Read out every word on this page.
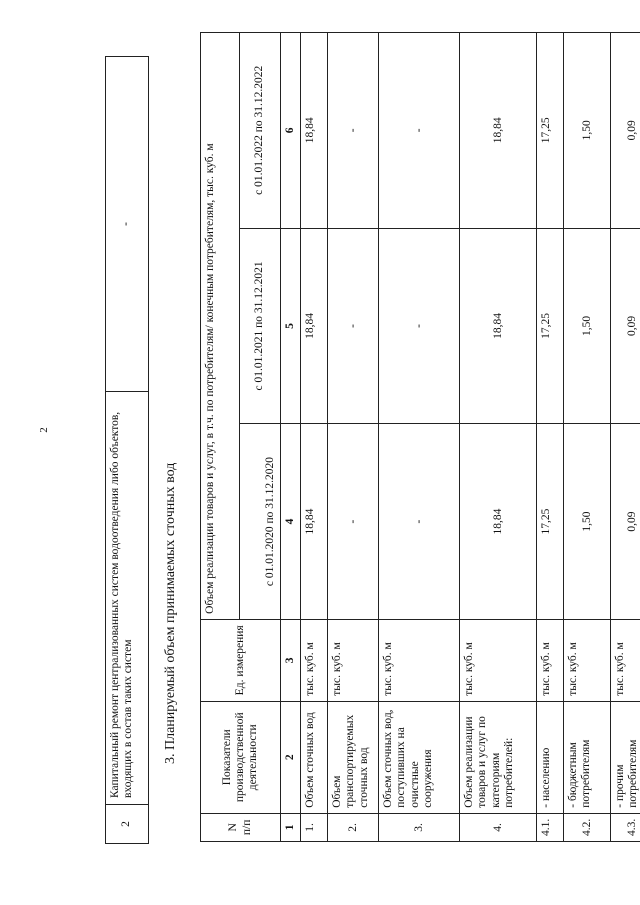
2
2	Капитальный ремонт централизованных систем водоотведения либо объектов, входящих в состав таких систем	-
3. Планируемый объем принимаемых сточных вод
N п/п	Показатели производственной деятельности	Ед. измерения	Объем реализации товаров и услуг, в т.ч. по потребителям/ конечным потребителям, тыс. куб. м		
			с 01.01.2020 по 31.12.2020	с 01.01.2021 по 31.12.2021	с 01.01.2022 по 31.12.2022
1	2	3	4	5	6
1.	Объем сточных вод	тыс. куб. м	18,84	18,84	18,84
2.	Объем транспортируемых сточных вод	тыс. куб. м	-	-	-
3.	Объем сточных вод, поступивших на очистные сооружения	тыс. куб. м	-	-	-
4.	Объем реализации товаров и услуг по категориям потребителей:	тыс. куб. м	18,84	18,84	18,84
4.1.	- населению	тыс. куб. м	17,25	17,25	17,25
4.2.	- бюджетным потребителям	тыс. куб. м	1,50	1,50	1,50
4.3.	- прочим потребителям	тыс. куб. м	0,09	0,09	0,09
